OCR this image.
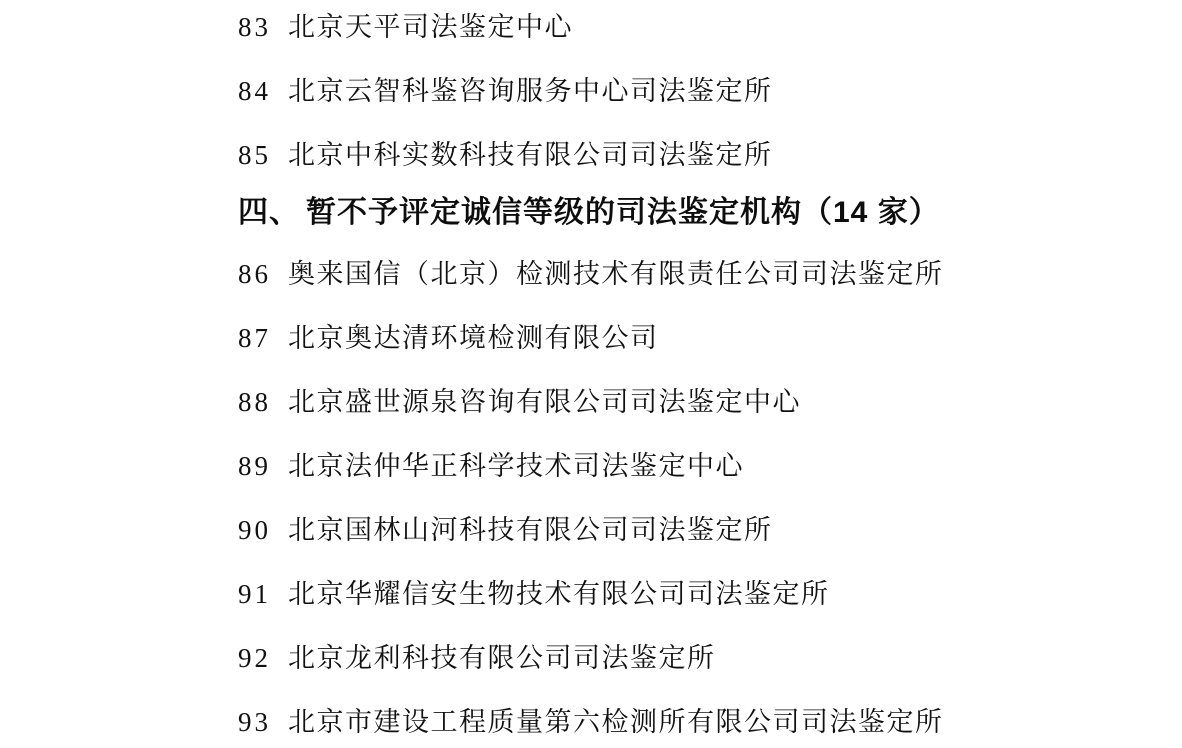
83 北京天平司法鉴定中心
84 北京云智科鉴咨询服务中心司法鉴定所
85 北京中科实数科技有限公司司法鉴定所
四、 暂不予评定诚信等级的司法鉴定机构（14 家）
86 奥来国信（北京）检测技术有限责任公司司法鉴定所
87 北京奥达清环境检测有限公司
88 北京盛世源泉咨询有限公司司法鉴定中心
89 北京法仲华正科学技术司法鉴定中心
90 北京国林山河科技有限公司司法鉴定所
91 北京华耀信安生物技术有限公司司法鉴定所
92 北京龙利科技有限公司司法鉴定所
93 北京市建设工程质量第六检测所有限公司司法鉴定所
